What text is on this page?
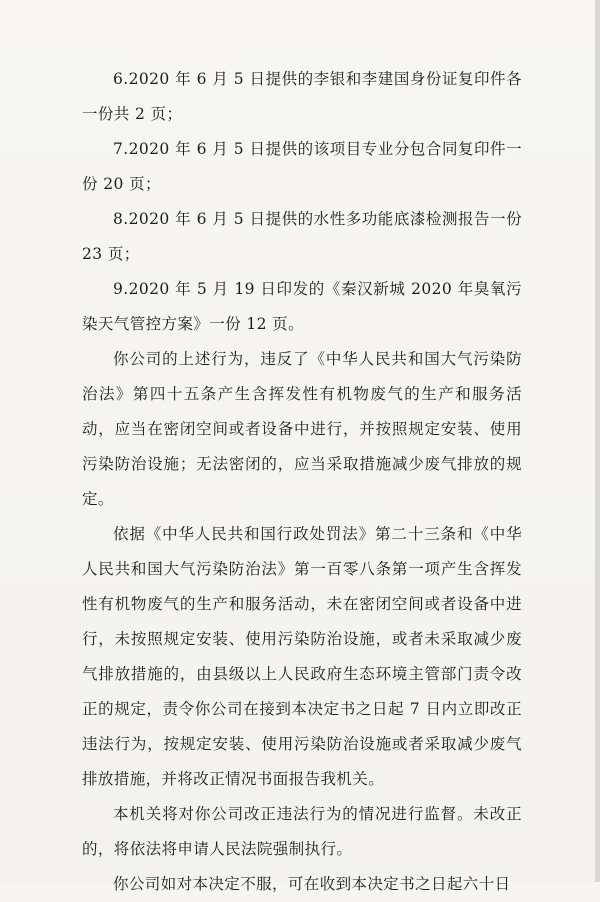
6.2020 年 6 月 5 日提供的李银和李建国身份证复印件各一份共 2 页；

7.2020 年 6 月 5 日提供的该项目专业分包合同复印件一份 20 页；

8.2020 年 6 月 5 日提供的水性多功能底漆检测报告一份 23 页；

9.2020 年 5 月 19 日印发的《秦汉新城 2020 年臭氧污染天气管控方案》一份 12 页。

你公司的上述行为，违反了《中华人民共和国大气污染防治法》第四十五条产生含挥发性有机物废气的生产和服务活动，应当在密闭空间或者设备中进行，并按照规定安装、使用污染防治设施；无法密闭的，应当采取措施减少废气排放的规定。

依据《中华人民共和国行政处罚法》第二十三条和《中华人民共和国大气污染防治法》第一百零八条第一项产生含挥发性有机物废气的生产和服务活动，未在密闭空间或者设备中进行，未按照规定安装、使用污染防治设施，或者未采取减少废气排放措施的，由县级以上人民政府生态环境主管部门责令改正的规定，责令你公司在接到本决定书之日起 7 日内立即改正违法行为，按规定安装、使用污染防治设施或者采取减少废气排放措施，并将改正情况书面报告我机关。

本机关将对你公司改正违法行为的情况进行监督。未改正的，将依法将申请人民法院强制执行。

你公司如对本决定不服，可在收到本决定书之日起六十日
